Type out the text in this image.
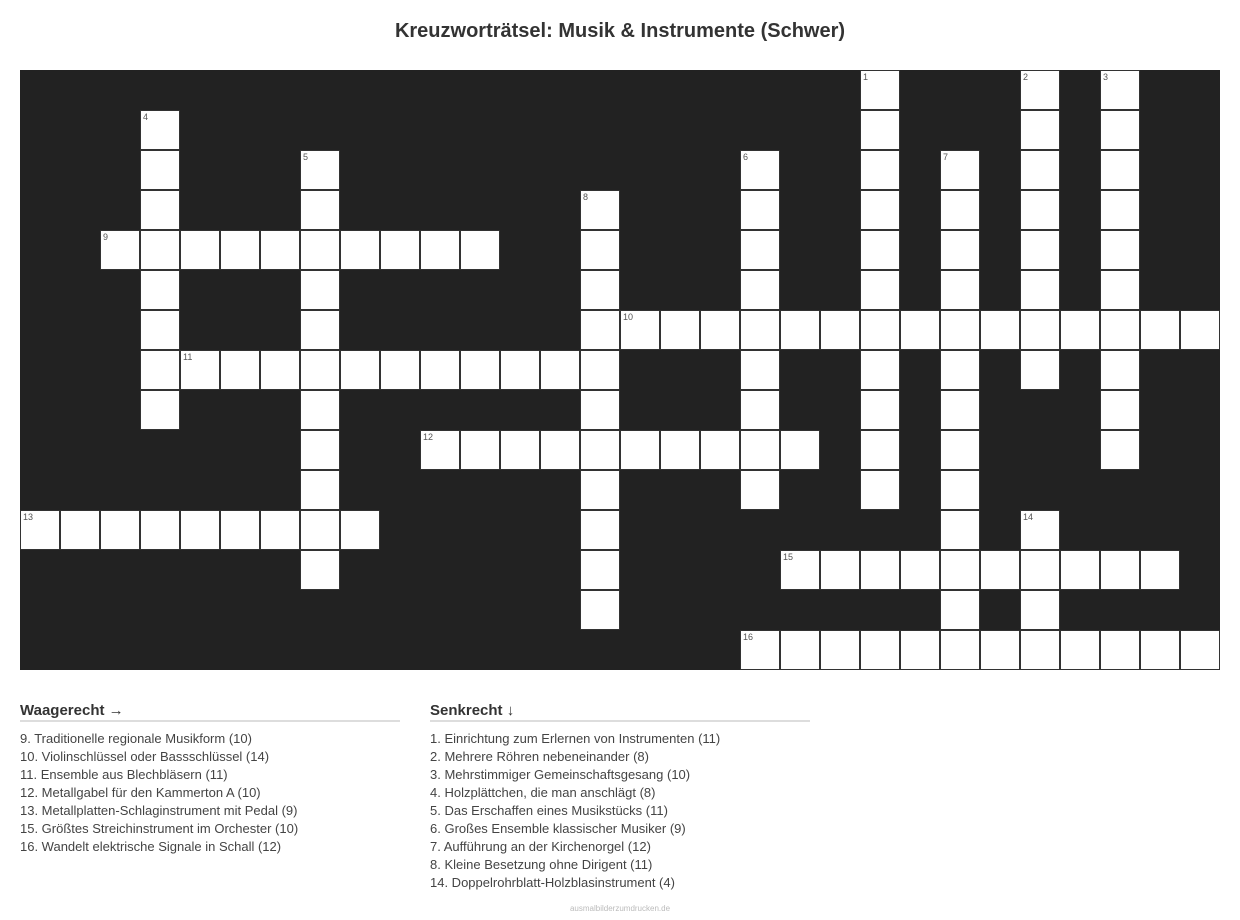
Kreuzworträtsel: Musik & Instrumente (Schwer)
1	2	3
4
5	6	7
8
9
10
11
12
13	14
15
16
Waagerecht →
9. Traditionelle regionale Musikform (10)
10. Violinschlüssel oder Bassschlüssel (14)
11. Ensemble aus Blechbläsern (11)
12. Metallgabel für den Kammerton A (10)
13. Metallplatten-Schlaginstrument mit Pedal (9)
15. Größtes Streichinstrument im Orchester (10)
16. Wandelt elektrische Signale in Schall (12)
Senkrecht ↓
1. Einrichtung zum Erlernen von Instrumenten (11)
2. Mehrere Röhren nebeneinander (8)
3. Mehrstimmiger Gemeinschaftsgesang (10)
4. Holzplättchen, die man anschlägt (8)
5. Das Erschaffen eines Musikstücks (11)
6. Großes Ensemble klassischer Musiker (9)
7. Aufführung an der Kirchenorgel (12)
8. Kleine Besetzung ohne Dirigent (11)
14. Doppelrohrblatt-Holzblasinstrument (4)
ausmalbilderzumdrucken.de
